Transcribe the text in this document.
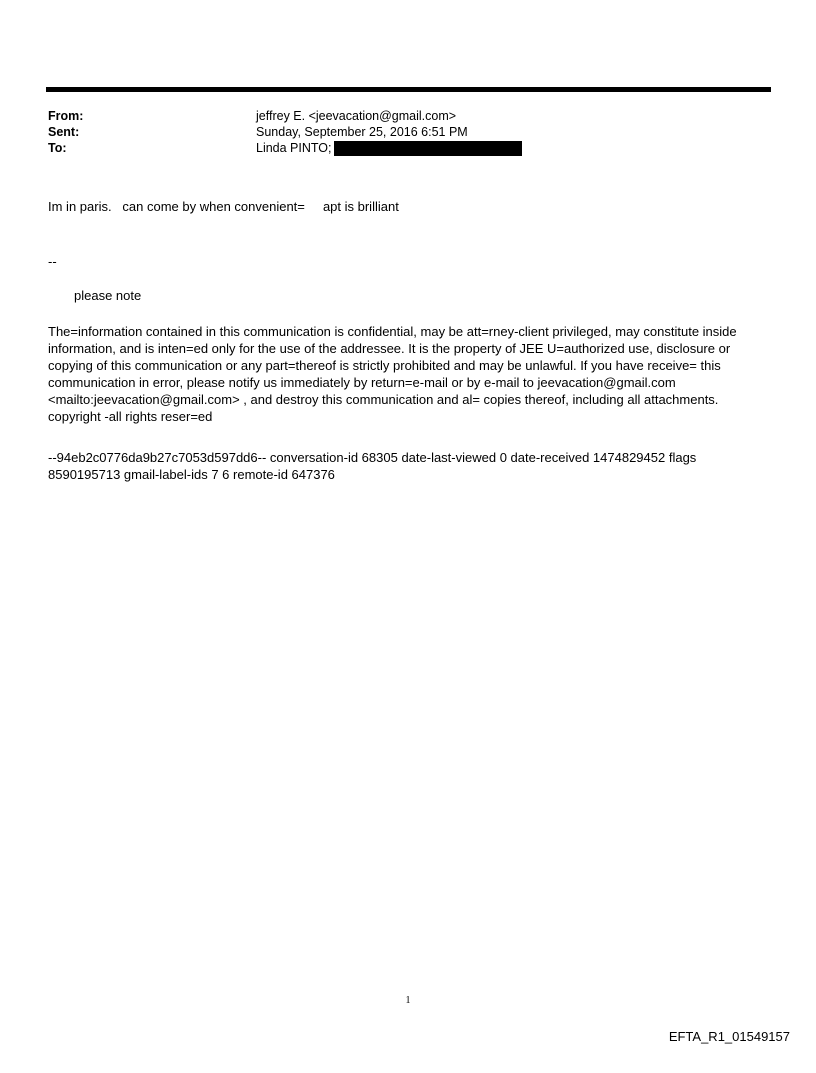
From:	jeffrey E. <jeevacation@gmail.com>
Sent:	Sunday, September 25, 2016 6:51 PM
To:	Linda PINTO;
Im in paris.   can come by when convenient=     apt is brilliant
--
please note
The=information contained in this communication is confidential, may be att=rney-client privileged, may constitute inside information, and is inten=ed only for the use of the addressee. It is the property of JEE U=authorized use, disclosure or copying of this communication or any part=thereof is strictly prohibited and may be unlawful. If you have receive= this communication in error, please notify us immediately by return=e-mail or by e-mail to jeevacation@gmail.com <mailto:jeevacation@gmail.com> , and destroy this communication and al= copies thereof, including all attachments. copyright -all rights reser=ed
--94eb2c0776da9b27c7053d597dd6-- conversation-id 68305 date-last-viewed 0 date-received 1474829452 flags 8590195713 gmail-label-ids 7 6 remote-id 647376
1
EFTA_R1_01549157
